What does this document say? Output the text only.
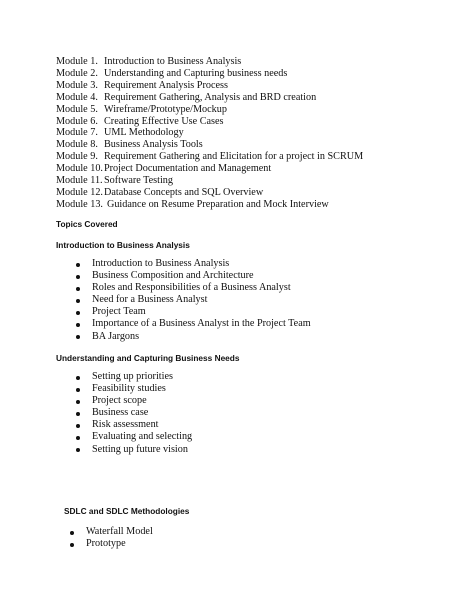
Module 1. Introduction to Business Analysis
Module 2. Understanding and Capturing business needs
Module 3. Requirement Analysis Process
Module 4. Requirement Gathering, Analysis and BRD creation
Module 5. Wireframe/Prototype/Mockup
Module 6. Creating Effective Use Cases
Module 7. UML Methodology
Module 8. Business Analysis Tools
Module 9. Requirement Gathering and Elicitation for a project in SCRUM
Module 10. Project Documentation and Management
Module 11. Software Testing
Module 12. Database Concepts and SQL Overview
Module 13. Guidance on Resume Preparation and Mock Interview
Topics Covered
Introduction to Business Analysis
Introduction to Business Analysis
Business Composition and Architecture
Roles and Responsibilities of a Business Analyst
Need for a Business Analyst
Project Team
Importance of a Business Analyst in the Project Team
BA Jargons
Understanding and Capturing Business Needs
Setting up priorities
Feasibility studies
Project scope
Business case
Risk assessment
Evaluating and selecting
Setting up future vision
SDLC and SDLC Methodologies
Waterfall Model
Prototype
